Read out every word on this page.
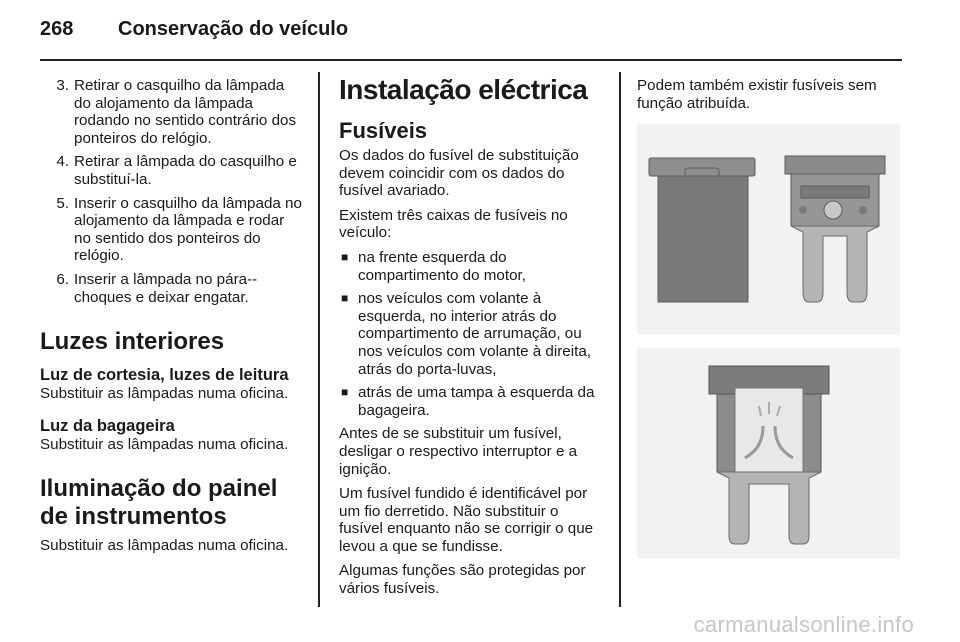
268 Conservação do veículo
3. Retirar o casquilho da lâmpada do alojamento da lâmpada rodando no sentido contrário dos ponteiros do relógio.
4. Retirar a lâmpada do casquilho e substituí-la.
5. Inserir o casquilho da lâmpada no alojamento da lâmpada e rodar no sentido dos ponteiros do relógio.
6. Inserir a lâmpada no pára--choques e deixar engatar.
Luzes interiores
Luz de cortesia, luzes de leitura

Substituir as lâmpadas numa oficina.

Luz da bagageira

Substituir as lâmpadas numa oficina.

Iluminação do painel de instrumentos

Substituir as lâmpadas numa oficina.

Instalação eléctrica
Fusíveis

Os dados do fusível de substituição devem coincidir com os dados do fusível avariado.

Existem três caixas de fusíveis no veículo:

■ na frente esquerda do compartimento do motor,
■ nos veículos com volante à esquerda, no interior atrás do compartimento de arrumação, ou nos veículos com volante à direita, atrás do porta-luvas,
■ atrás de uma tampa à esquerda da bagageira.

Antes de se substituir um fusível, desligar o respectivo interruptor e a ignição.

Um fusível fundido é identificável por um fio derretido. Não substituir o fusível enquanto não se corrigir o que levou a que se fundisse.

Algumas funções são protegidas por vários fusíveis.

Podem também existir fusíveis sem função atribuída.

carmanualsonline.info
